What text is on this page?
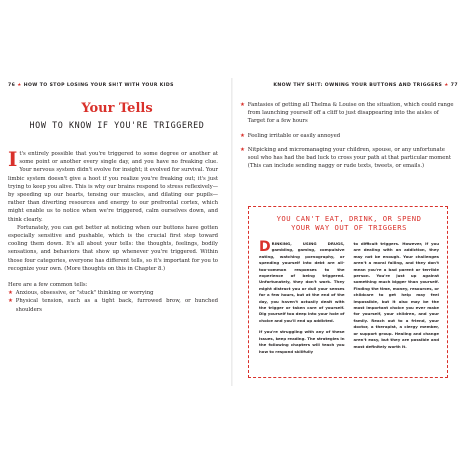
76 ★ HOW TO STOP LOSING YOUR SH!T WITH YOUR KIDS
Your Tells
HOW TO KNOW IF YOU'RE TRIGGERED

It's entirely possible that you're triggered to some degree or another at some point or another every single day, and you have no freaking clue. Your nervous system didn't evolve for insight; it evolved for survival. Your limbic system doesn't give a hoot if you realize you're freaking out; it's just trying to keep you alive. This is why our brains respond to stress reflexively—by speeding up our hearts, tensing our muscles, and dilating our pupils—rather than diverting resources and energy to our prefrontal cortex, which might enable us to notice when we're triggered, calm ourselves down, and think clearly.

Fortunately, you can get better at noticing when our buttons have gotten especially sensitive and pushable, which is the crucial first step toward cooling them down. It's all about your tells: the thoughts, feelings, bodily sensations, and behaviors that show up whenever you're triggered. Within those four categories, everyone has different tells, so it's important for you to recognize your own. (More thoughts on this in Chapter 8.)

Here are a few common tells:

★ Anxious, obsessive, or "stuck" thinking or worrying
★ Physical tension, such as a tight back, furrowed brow, or hunched shoulders
KNOW THY SH!T: OWNING YOUR BUTTONS AND TRIGGERS ★ 77
★ Fantasies of getting all Thelma & Louise on the situation, which could range from launching yourself off a cliff to just disappearing into the aisles of Target for a few hours
★ Feeling irritable or easily annoyed
★ Nitpicking and micromanaging your children, spouse, or any unfortunate soul who has had the bad luck to cross your path at that particular moment (This can include sending naggy or rude texts, tweets, or emails.)
YOU CAN'T EAT, DRINK, OR SPEND
YOUR WAY OUT OF TRIGGERS

DRINKING, USING DRUGS, gambling, gaming, compulsive eating, watching pornography, or spending yourself into debt are all-too-common responses to the experience of being triggered. Unfortunately, they don't work. They might distract you or dull your senses for a few hours, but at the end of the day, you haven't actually dealt with the trigger or taken care of yourself. Dig yourself too deep into your hole of choice and you'll end up addicted.

If you're struggling with any of these issues, keep reading. The strategies in the following chapters will teach you how to respond skillfully

to difficult triggers. However, if you are dealing with an addiction, they may not be enough. Your challenges aren't a moral failing, and they don't mean you're a bad parent or terrible person. You're just up against something much bigger than yourself. Finding the time, money, resources, or childcare to get help may feel impossible, but it also may be the most important choice you ever make for yourself, your children, and your family. Reach out to a friend, your doctor, a therapist, a clergy member, or support group. Healing and change aren't easy, but they are possible and most definitely worth it.
